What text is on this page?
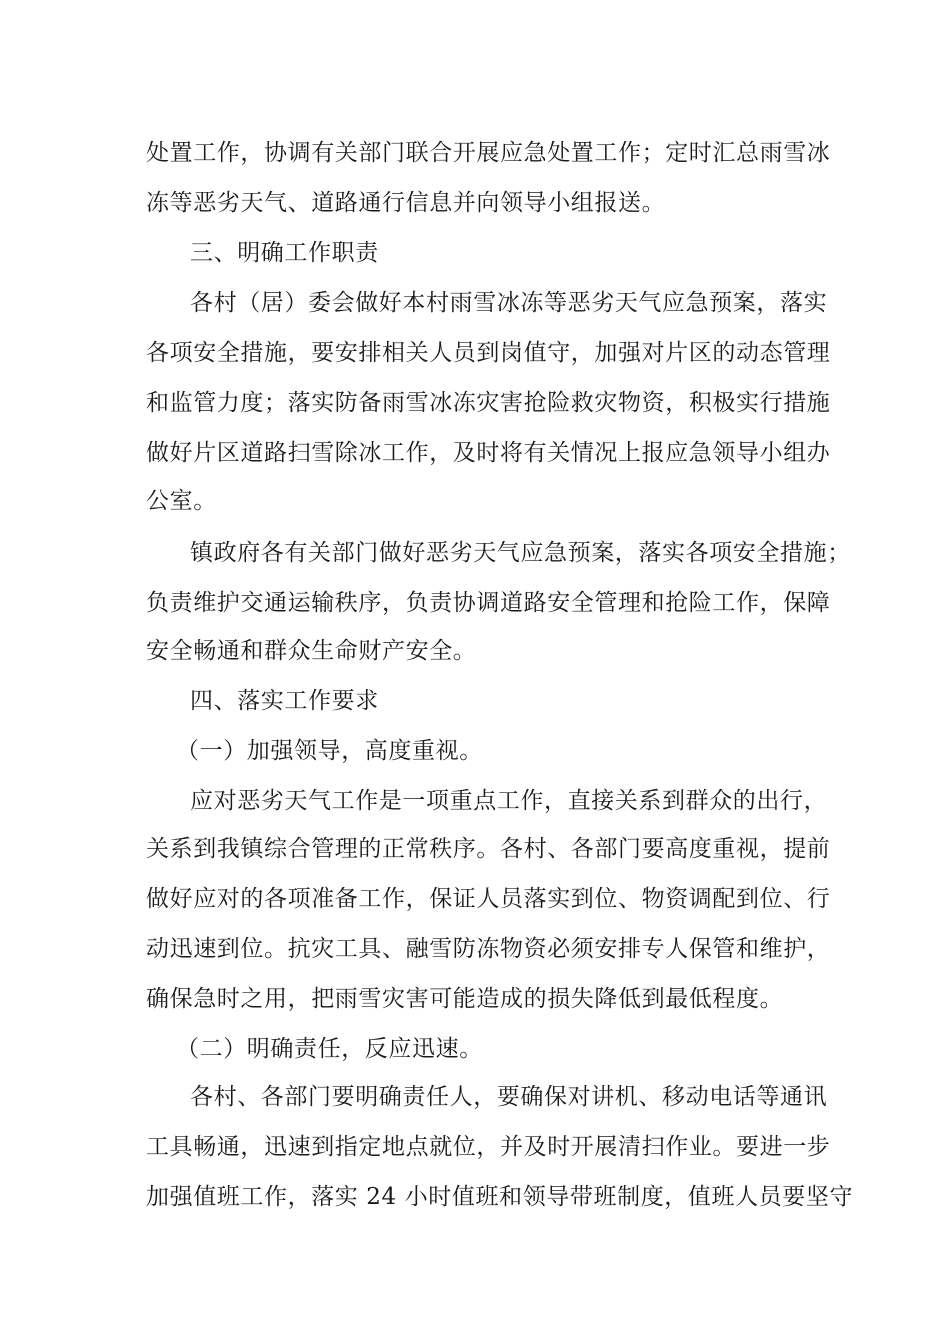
处置工作，协调有关部门联合开展应急处置工作；定时汇总雨雪冰
冻等恶劣天气、道路通行信息并向领导小组报送。
三、明确工作职责
各村（居）委会做好本村雨雪冰冻等恶劣天气应急预案，落实
各项安全措施，要安排相关人员到岗值守，加强对片区的动态管理
和监管力度；落实防备雨雪冰冻灾害抢险救灾物资，积极实行措施
做好片区道路扫雪除冰工作，及时将有关情况上报应急领导小组办
公室。
镇政府各有关部门做好恶劣天气应急预案，落实各项安全措施；
负责维护交通运输秩序，负责协调道路安全管理和抢险工作，保障
安全畅通和群众生命财产安全。
四、落实工作要求
（一）加强领导，高度重视。
应对恶劣天气工作是一项重点工作，直接关系到群众的出行，
关系到我镇综合管理的正常秩序。各村、各部门要高度重视，提前
做好应对的各项准备工作，保证人员落实到位、物资调配到位、行
动迅速到位。抗灾工具、融雪防冻物资必须安排专人保管和维护，
确保急时之用，把雨雪灾害可能造成的损失降低到最低程度。
（二）明确责任，反应迅速。
各村、各部门要明确责任人，要确保对讲机、移动电话等通讯
工具畅通，迅速到指定地点就位，并及时开展清扫作业。要进一步
加强值班工作，落实 24 小时值班和领导带班制度，值班人员要坚守
